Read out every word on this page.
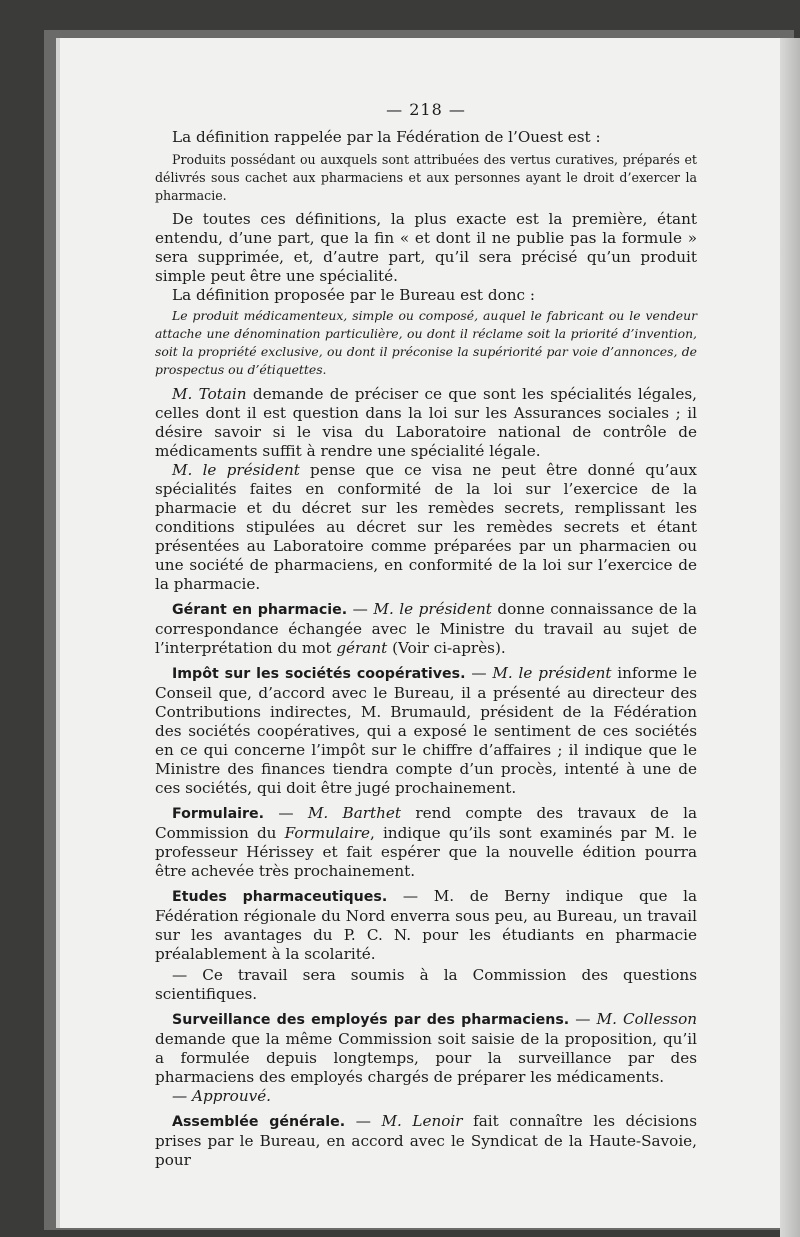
— 218 —

La définition rappelée par la Fédération de l’Ouest est :

Produits possédant ou auxquels sont attribuées des vertus curatives, préparés et délivrés sous cachet aux pharmaciens et aux personnes ayant le droit d’exercer la pharmacie.

De toutes ces définitions, la plus exacte est la première, étant entendu, d’une part, que la fin « et dont il ne publie pas la formule » sera supprimée, et, d’autre part, qu’il sera précisé qu’un produit simple peut être une spécialité.

La définition proposée par le Bureau est donc :

Le produit médicamenteux, simple ou composé, auquel le fabricant ou le vendeur attache une dénomination particulière, ou dont il réclame soit la priorité d’invention, soit la propriété exclusive, ou dont il préconise la supériorité par voie d’annonces, de prospectus ou d’étiquettes.

M. Totain demande de préciser ce que sont les spécialités légales, celles dont il est question dans la loi sur les Assurances sociales ; il désire savoir si le visa du Laboratoire national de contrôle de médicaments suffit à rendre une spécialité légale.

M. le président pense que ce visa ne peut être donné qu’aux spécialités faites en conformité de la loi sur l’exercice de la pharmacie et du décret sur les remèdes secrets, remplissant les conditions stipulées au décret sur les remèdes secrets et étant présentées au Laboratoire comme préparées par un pharmacien ou une société de pharmaciens, en conformité de la loi sur l’exercice de la pharmacie.

Gérant en pharmacie. — M. le président donne connaissance de la correspondance échangée avec le Ministre du travail au sujet de l’interprétation du mot gérant (Voir ci-après).

Impôt sur les sociétés coopératives. — M. le président informe le Conseil que, d’accord avec le Bureau, il a présenté au directeur des Contributions indirectes, M. Brumauld, président de la Fédération des sociétés coopératives, qui a exposé le sentiment de ces sociétés en ce qui concerne l’impôt sur le chiffre d’affaires ; il indique que le Ministre des finances tiendra compte d’un procès, intenté à une de ces sociétés, qui doit être jugé prochainement.

Formulaire. — M. Barthet rend compte des travaux de la Commission du Formulaire, indique qu’ils sont examinés par M. le professeur Hérissey et fait espérer que la nouvelle édition pourra être achevée très prochainement.

Etudes pharmaceutiques. — M. de Berny indique que la Fédération régionale du Nord enverra sous peu, au Bureau, un travail sur les avantages du P. C. N. pour les étudiants en pharmacie préalablement à la scolarité.

— Ce travail sera soumis à la Commission des questions scientifiques.

Surveillance des employés par des pharmaciens. — M. Collesson demande que la même Commission soit saisie de la proposition, qu’il a formulée depuis longtemps, pour la surveillance par des pharmaciens des employés chargés de préparer les médicaments.

— Approuvé.

Assemblée générale. — M. Lenoir fait connaître les décisions prises par le Bureau, en accord avec le Syndicat de la Haute-Savoie, pour
